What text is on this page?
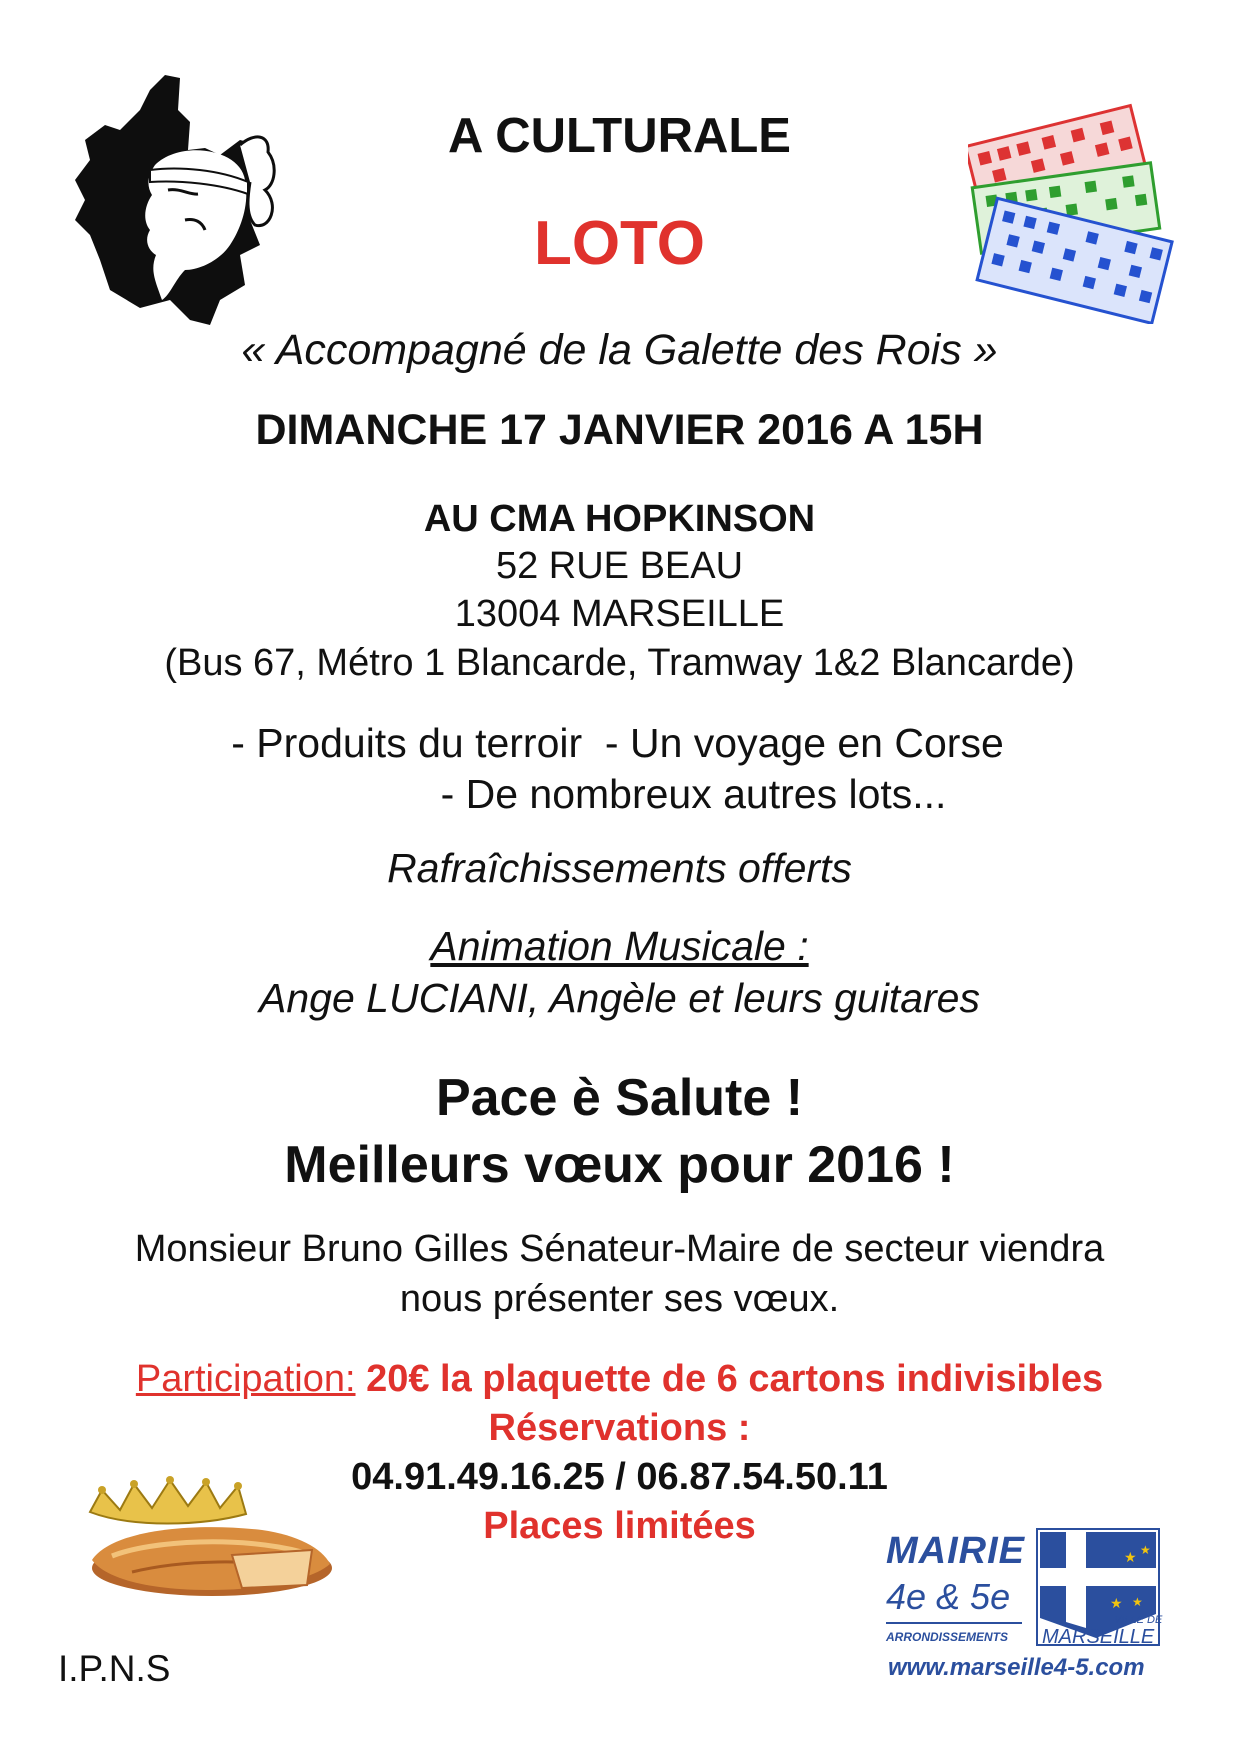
A CULTURALE
LOTO
« Accompagné de la Galette des Rois »
DIMANCHE 17 JANVIER 2016 A 15H
AU CMA HOPKINSON
52 RUE BEAU
13004 MARSEILLE
(Bus 67, Métro 1 Blancarde, Tramway 1&2 Blancarde)
- Produits du terroir  - Un voyage en Corse
- De nombreux autres lots...
Rafraîchissements offerts
Animation Musicale :
Ange LUCIANI, Angèle et leurs guitares
Pace è Salute !
Meilleurs vœux pour 2016 !
Monsieur Bruno Gilles Sénateur-Maire de secteur viendra
nous présenter ses vœux.
Participation: 20€ la plaquette de 6 cartons indivisibles
Réservations :
04.91.49.16.25 / 06.87.54.50.11
Places limitées
I.P.N.S
MAIRIE
4e & 5e
ARRONDISSEMENTS
★ ★
★ ★
VILLE DE
MARSEILLE
www.marseille4-5.com
